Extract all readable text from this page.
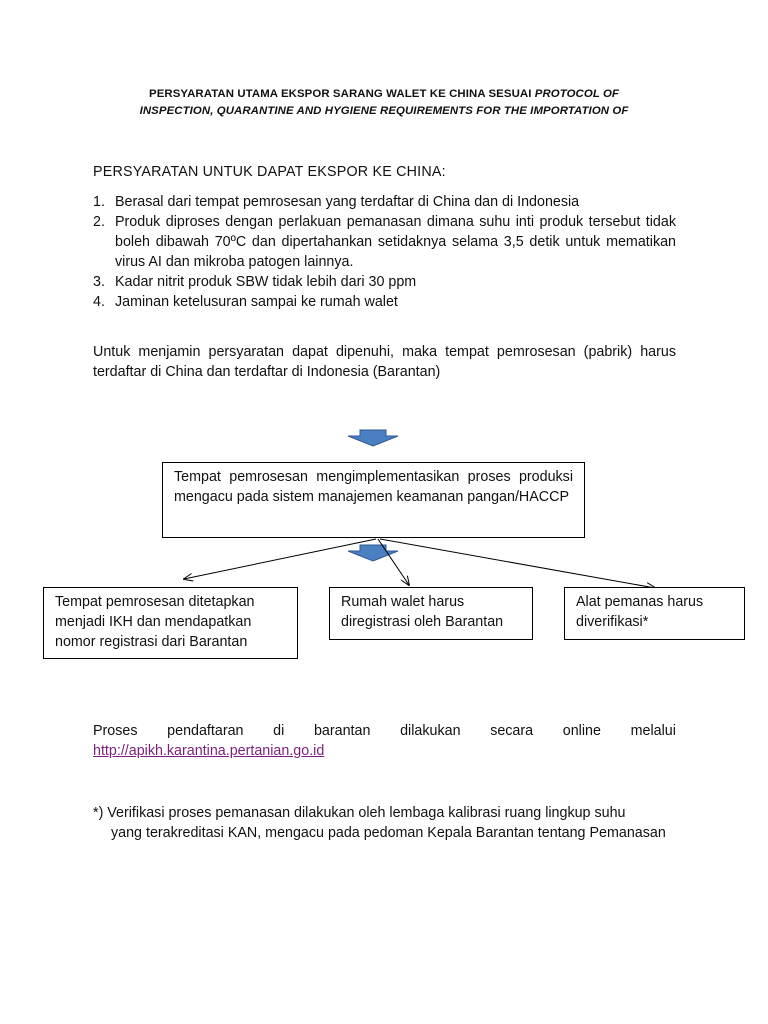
PERSYARATAN UTAMA EKSPOR SARANG WALET KE CHINA SESUAI PROTOCOL OF
INSPECTION, QUARANTINE AND HYGIENE REQUIREMENTS FOR THE IMPORTATION OF
PERSYARATAN UNTUK DAPAT EKSPOR KE CHINA:
1. Berasal dari tempat pemrosesan yang terdaftar di China dan di Indonesia
2. Produk diproses dengan perlakuan pemanasan dimana suhu inti produk tersebut tidak boleh dibawah 70ºC dan dipertahankan setidaknya selama 3,5 detik untuk mematikan virus AI dan mikroba patogen lainnya.
3. Kadar nitrit produk SBW tidak lebih dari 30 ppm
4. Jaminan ketelusuran sampai ke rumah walet
Untuk menjamin persyaratan dapat dipenuhi, maka tempat pemrosesan (pabrik) harus terdaftar di China dan terdaftar di Indonesia (Barantan)
Tempat pemrosesan mengimplementasikan proses produksi mengacu pada sistem manajemen keamanan pangan/HACCP
Tempat pemrosesan ditetapkan menjadi IKH dan mendapatkan nomor registrasi dari Barantan
Rumah walet harus diregistrasi oleh Barantan
Alat pemanas harus diverifikasi*
Proses pendaftaran di barantan dilakukan secara online melalui
http://apikh.karantina.pertanian.go.id
*) Verifikasi proses pemanasan dilakukan oleh lembaga kalibrasi ruang lingkup suhu
yang terakreditasi KAN, mengacu pada pedoman Kepala Barantan tentang Pemanasan
